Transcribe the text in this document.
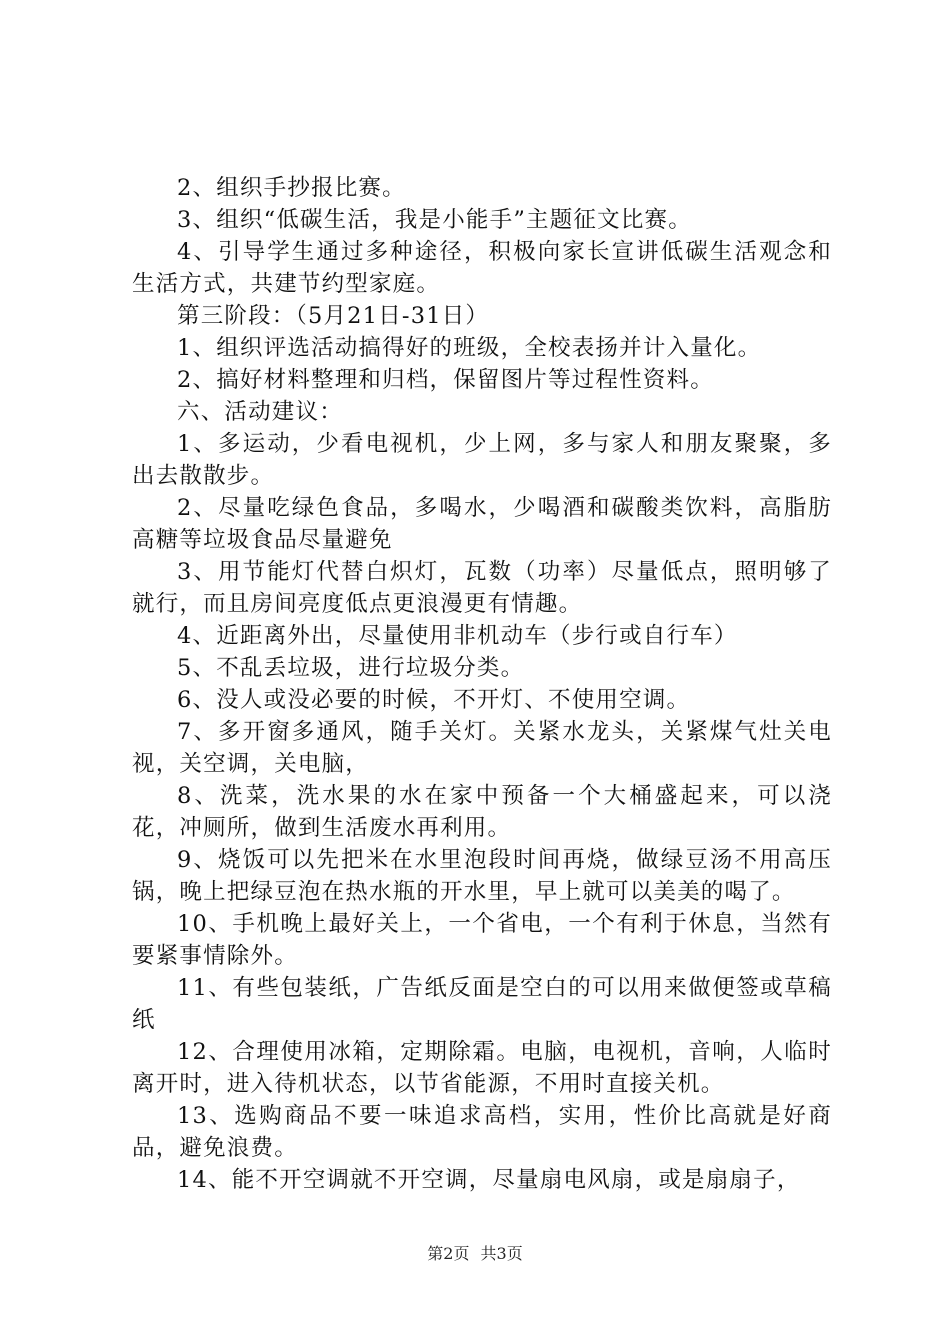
2、组织手抄报比赛。

3、组织“低碳生活，我是小能手”主题征文比赛。

4、引导学生通过多种途径，积极向家长宣讲低碳生活观念和生活方式，共建节约型家庭。

第三阶段：（5月21日-31日）

1、组织评选活动搞得好的班级，全校表扬并计入量化。

2、搞好材料整理和归档，保留图片等过程性资料。

六、活动建议：

1、多运动，少看电视机，少上网，多与家人和朋友聚聚，多出去散散步。

2、尽量吃绿色食品，多喝水，少喝酒和碳酸类饮料，高脂肪高糖等垃圾食品尽量避免

3、用节能灯代替白炽灯，瓦数（功率）尽量低点，照明够了就行，而且房间亮度低点更浪漫更有情趣。

4、近距离外出，尽量使用非机动车（步行或自行车）

5、不乱丢垃圾，进行垃圾分类。

6、没人或没必要的时候，不开灯、不使用空调。

7、多开窗多通风，随手关灯。关紧水龙头，关紧煤气灶关电视，关空调，关电脑，

8、洗菜，洗水果的水在家中预备一个大桶盛起来，可以浇花，冲厕所，做到生活废水再利用。

9、烧饭可以先把米在水里泡段时间再烧，做绿豆汤不用高压锅，晚上把绿豆泡在热水瓶的开水里，早上就可以美美的喝了。

10、手机晚上最好关上，一个省电，一个有利于休息，当然有要紧事情除外。

11、有些包装纸，广告纸反面是空白的可以用来做便签或草稿纸

12、合理使用冰箱，定期除霜。电脑，电视机，音响，人临时离开时，进入待机状态，以节省能源，不用时直接关机。

13、选购商品不要一味追求高档，实用，性价比高就是好商品，避免浪费。

14、能不开空调就不开空调，尽量扇电风扇，或是扇扇子，

第2页 共3页
